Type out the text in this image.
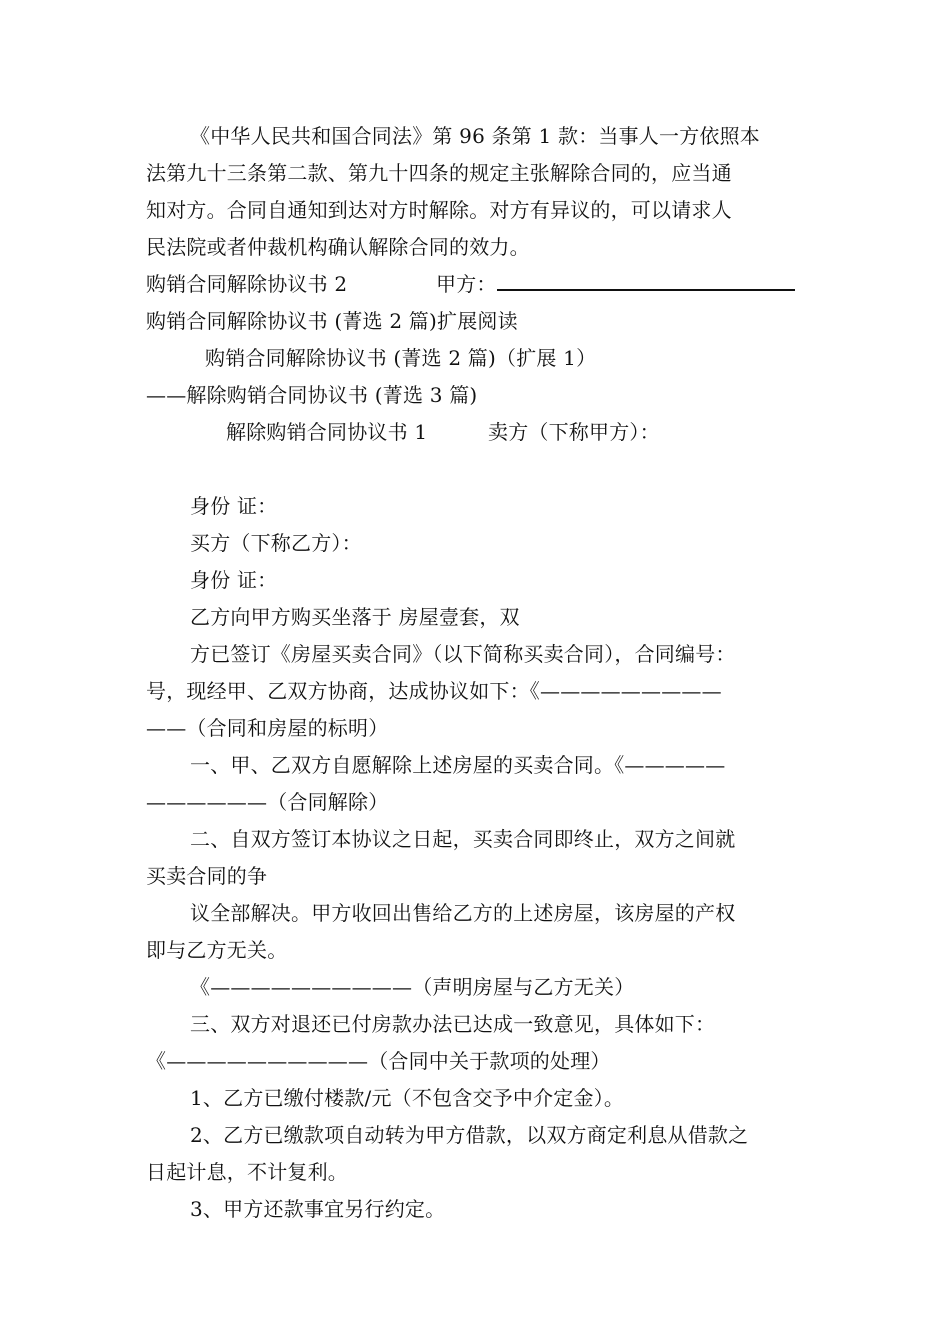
《中华人民共和国合同法》第 96 条第 1 款：当事人一方依照本
法第九十三条第二款、第九十四条的规定主张解除合同的，应当通
知对方。合同自通知到达对方时解除。对方有异议的，可以请求人
民法院或者仲裁机构确认解除合同的效力。
购销合同解除协议书 2	甲方：
购销合同解除协议书 (菁选 2 篇)扩展阅读
购销合同解除协议书 (菁选 2 篇)（扩展 1）
——解除购销合同协议书 (菁选 3 篇)
解除购销合同协议书 1	卖方（下称甲方）：
身份 证：
买方（下称乙方）：
身份 证：
乙方向甲方购买坐落于 房屋壹套，双
方已签订《房屋买卖合同》（以下简称买卖合同），合同编号：
号，现经甲、乙双方协商，达成协议如下：《—————————
——（合同和房屋的标明）
一、甲、乙双方自愿解除上述房屋的买卖合同。《—————
——————（合同解除）
二、自双方签订本协议之日起，买卖合同即终止，双方之间就
买卖合同的争
议全部解决。甲方收回出售给乙方的上述房屋，该房屋的产权
即与乙方无关。
《——————————（声明房屋与乙方无关）
三、双方对退还已付房款办法已达成一致意见，具体如下：
《——————————（合同中关于款项的处理）
1、乙方已缴付楼款/元（不包含交予中介定金）。
2、乙方已缴款项自动转为甲方借款，以双方商定利息从借款之
日起计息，不计复利。
3、甲方还款事宜另行约定。
